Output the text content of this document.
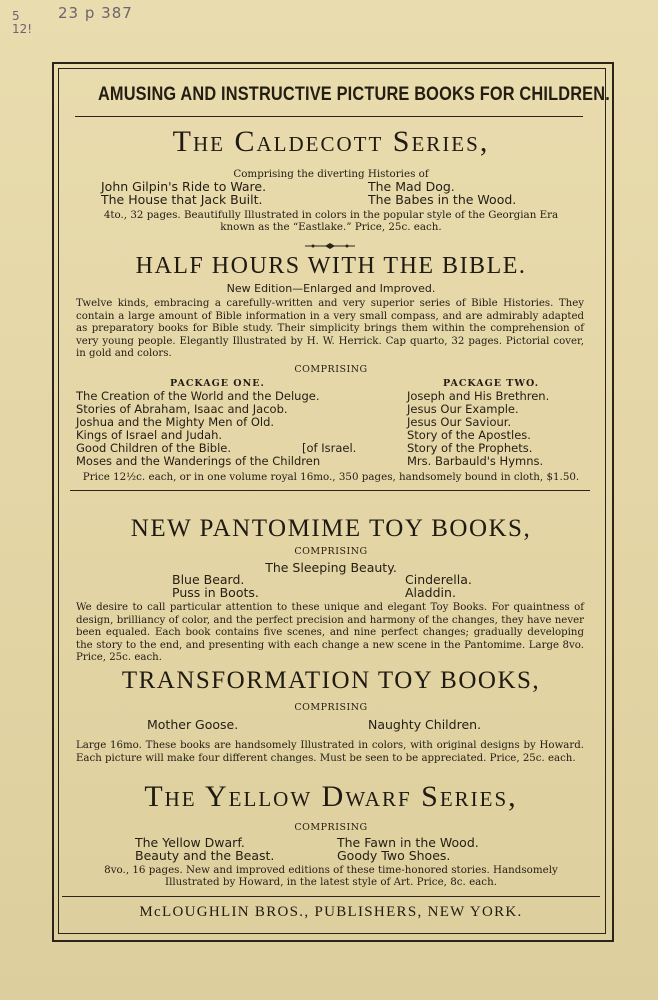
23 p 387
5
12!
AMUSING AND INSTRUCTIVE PICTURE BOOKS FOR CHILDREN.
The Caldecott Series,
Comprising the diverting Histories of
John Gilpin's Ride to Ware.
The House that Jack Built.
The Mad Dog.
The Babes in the Wood.
4to., 32 pages. Beautifully Illustrated in colors in the popular style of the Georgian Era
known as the “Eastlake.” Price, 25c. each.
HALF HOURS WITH THE BIBLE.
New Edition—Enlarged and Improved.
Twelve kinds, embracing a carefully-written and very superior series of Bible Histories. They contain a large amount of Bible information in a very small compass, and are admirably adapted as preparatory books for Bible study. Their simplicity brings them within the comprehension of very young people. Elegantly Illustrated by H. W. Herrick. Cap quarto, 32 pages. Pictorial cover, in gold and colors.
COMPRISING
PACKAGE ONE.	PACKAGE TWO.
The Creation of the World and the Deluge.
Stories of Abraham, Isaac and Jacob.
Joshua and the Mighty Men of Old.
Kings of Israel and Judah.
Good Children of the Bible.
Moses and the Wanderings of the Children
[of Israel.
Joseph and His Brethren.
Jesus Our Example.
Jesus Our Saviour.
Story of the Apostles.
Story of the Prophets.
Mrs. Barbauld's Hymns.
Price 12½c. each, or in one volume royal 16mo., 350 pages, handsomely bound in cloth, $1.50.
NEW PANTOMIME TOY BOOKS,
COMPRISING
The Sleeping Beauty.
Blue Beard.
Puss in Boots.
Cinderella.
Aladdin.
We desire to call particular attention to these unique and elegant Toy Books. For quaintness of design, brilliancy of color, and the perfect precision and harmony of the changes, they have never been equaled. Each book contains five scenes, and nine perfect changes; gradually developing the story to the end, and presenting with each change a new scene in the Pantomime. Large 8vo. Price, 25c. each.
TRANSFORMATION TOY BOOKS,
COMPRISING
Mother Goose.	Naughty Children.
Large 16mo. These books are handsomely Illustrated in colors, with original designs by Howard. Each picture will make four different changes. Must be seen to be appreciated. Price, 25c. each.
The Yellow Dwarf Series,
COMPRISING
The Yellow Dwarf.
Beauty and the Beast.
The Fawn in the Wood.
Goody Two Shoes.
8vo., 16 pages. New and improved editions of these time-honored stories. Handsomely
Illustrated by Howard, in the latest style of Art. Price, 8c. each.
McLOUGHLIN BROS., PUBLISHERS, NEW YORK.
